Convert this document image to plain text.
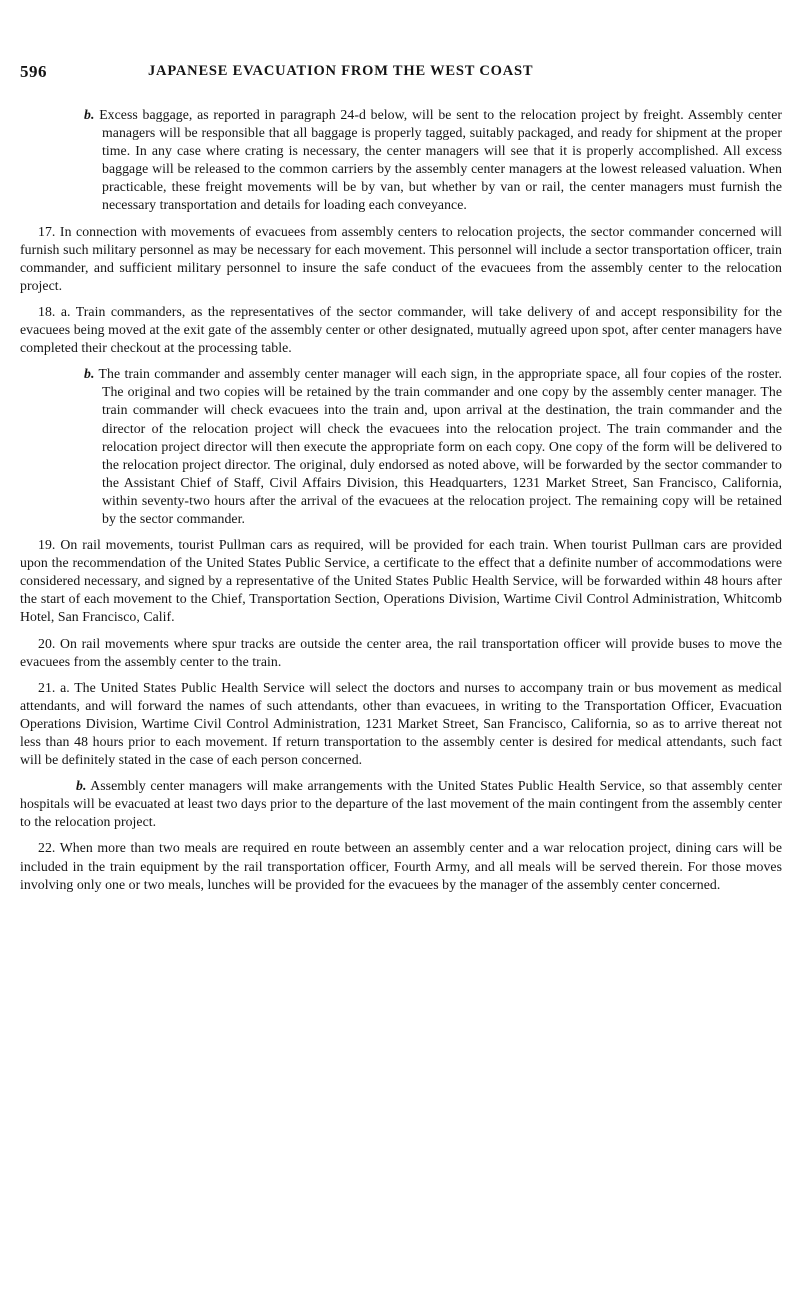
596	JAPANESE EVACUATION FROM THE WEST COAST

b. Excess baggage, as reported in paragraph 24-d below, will be sent to the relocation project by freight. Assembly center managers will be responsible that all baggage is properly tagged, suitably packaged, and ready for shipment at the proper time. In any case where crating is necessary, the center managers will see that it is properly accomplished. All excess baggage will be released to the common carriers by the assembly center managers at the lowest released valuation. When practicable, these freight movements will be by van, but whether by van or rail, the center managers must furnish the necessary transportation and details for loading each conveyance.

17. In connection with movements of evacuees from assembly centers to relocation projects, the sector commander concerned will furnish such military personnel as may be necessary for each movement. This personnel will include a sector transportation officer, train commander, and sufficient military personnel to insure the safe conduct of the evacuees from the assembly center to the relocation project.

18. a. Train commanders, as the representatives of the sector commander, will take delivery of and accept responsibility for the evacuees being moved at the exit gate of the assembly center or other designated, mutually agreed upon spot, after center managers have completed their checkout at the processing table.

b. The train commander and assembly center manager will each sign, in the appropriate space, all four copies of the roster. The original and two copies will be retained by the train commander and one copy by the assembly center manager. The train commander will check evacuees into the train and, upon arrival at the destination, the train commander and the director of the relocation project will check the evacuees into the relocation project. The train commander and the relocation project director will then execute the appropriate form on each copy. One copy of the form will be delivered to the relocation project director. The original, duly endorsed as noted above, will be forwarded by the sector commander to the Assistant Chief of Staff, Civil Affairs Division, this Headquarters, 1231 Market Street, San Francisco, California, within seventy-two hours after the arrival of the evacuees at the relocation project. The remaining copy will be retained by the sector commander.

19. On rail movements, tourist Pullman cars as required, will be provided for each train. When tourist Pullman cars are provided upon the recommendation of the United States Public Service, a certificate to the effect that a definite number of accommodations were considered necessary, and signed by a representative of the United States Public Health Service, will be forwarded within 48 hours after the start of each movement to the Chief, Transportation Section, Operations Division, Wartime Civil Control Administration, Whitcomb Hotel, San Francisco, Calif.

20. On rail movements where spur tracks are outside the center area, the rail transportation officer will provide buses to move the evacuees from the assembly center to the train.

21. a. The United States Public Health Service will select the doctors and nurses to accompany train or bus movement as medical attendants, and will forward the names of such attendants, other than evacuees, in writing to the Transportation Officer, Evacuation Operations Division, Wartime Civil Control Administration, 1231 Market Street, San Francisco, California, so as to arrive thereat not less than 48 hours prior to each movement. If return transportation to the assembly center is desired for medical attendants, such fact will be definitely stated in the case of each person concerned.

b. Assembly center managers will make arrangements with the United States Public Health Service, so that assembly center hospitals will be evacuated at least two days prior to the departure of the last movement of the main contingent from the assembly center to the relocation project.

22. When more than two meals are required en route between an assembly center and a war relocation project, dining cars will be included in the train equipment by the rail transportation officer, Fourth Army, and all meals will be served therein. For those moves involving only one or two meals, lunches will be provided for the evacuees by the manager of the assembly center concerned.
